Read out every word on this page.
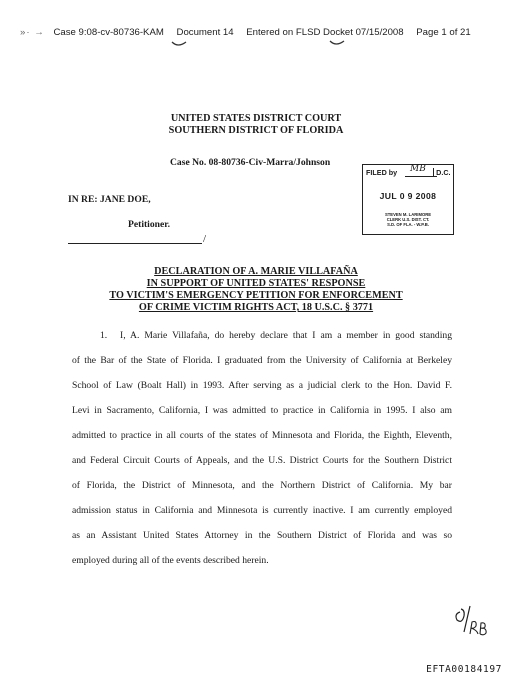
»· → Case 9:08-cv-80736-KAM Document 14 Entered on FLSD Docket 07/15/2008 Page 1 of 21
UNITED STATES DISTRICT COURT
SOUTHERN DISTRICT OF FLORIDA
Case No. 08-80736-Civ-Marra/Johnson
FILED by	D.C.
MB
JUL 0 9 2008
STEVEN M. LARIMORE
CLERK U.S. DIST. CT.
S.D. OF FLA. - W.P.B.
IN RE: JANE DOE,
Petitioner.
/
DECLARATION OF A. MARIE VILLAFAÑA
IN SUPPORT OF UNITED STATES' RESPONSE
TO VICTIM'S EMERGENCY PETITION FOR ENFORCEMENT
OF CRIME VICTIM RIGHTS ACT, 18 U.S.C. § 3771
1. I, A. Marie Villafaña, do hereby declare that I am a member in good standing
of the Bar of the State of Florida. I graduated from the University of California at Berkeley
School of Law (Boalt Hall) in 1993. After serving as a judicial clerk to the Hon. David F.
Levi in Sacramento, California, I was admitted to practice in California in 1995. I also am
admitted to practice in all courts of the states of Minnesota and Florida, the Eighth, Eleventh,
and Federal Circuit Courts of Appeals, and the U.S. District Courts for the Southern District
of Florida, the District of Minnesota, and the Northern District of California. My bar
admission status in California and Minnesota is currently inactive. I am currently employed
as an Assistant United States Attorney in the Southern District of Florida and was so
employed during all of the events described herein.
EFTA00184197
